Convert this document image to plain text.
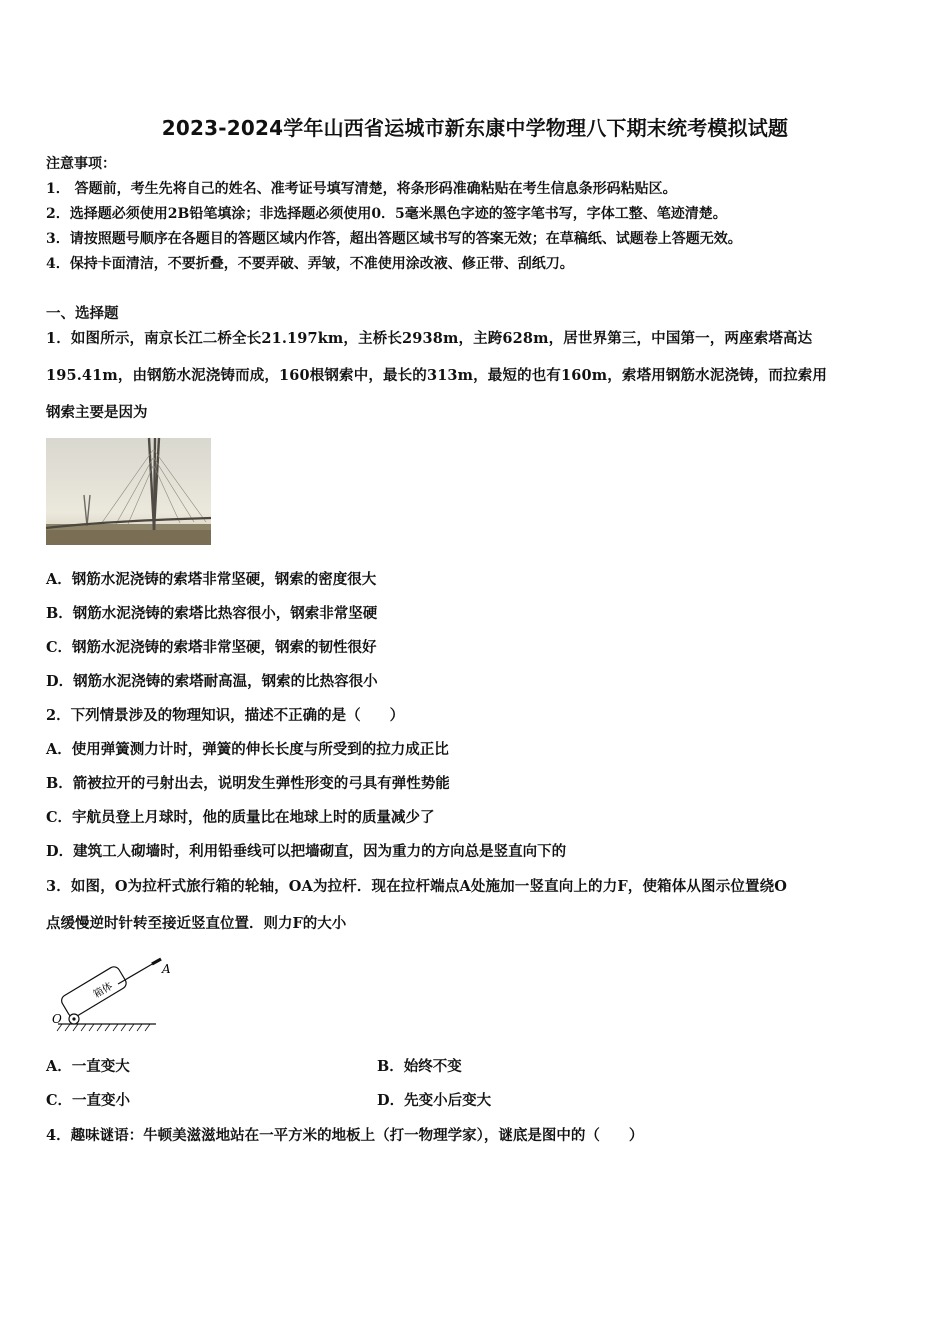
2023-2024学年山西省运城市新东康中学物理八下期末统考模拟试题
注意事项：
1． 答题前，考生先将自己的姓名、准考证号填写清楚，将条形码准确粘贴在考生信息条形码粘贴区。
2．选择题必须使用2B铅笔填涂；非选择题必须使用0．5毫米黑色字迹的签字笔书写，字体工整、笔迹清楚。
3．请按照题号顺序在各题目的答题区域内作答，超出答题区域书写的答案无效；在草稿纸、试题卷上答题无效。
4．保持卡面清洁，不要折叠，不要弄破、弄皱，不准使用涂改液、修正带、刮纸刀。
一、选择题
1．如图所示，南京长江二桥全长21.197km，主桥长2938m，主跨628m，居世界第三，中国第一，两座索塔高达
195.41m，由钢筋水泥浇铸而成，160根钢索中，最长的313m，最短的也有160m，索塔用钢筋水泥浇铸，而拉索用
钢索主要是因为
A．钢筋水泥浇铸的索塔非常坚硬，钢索的密度很大
B．钢筋水泥浇铸的索塔比热容很小，钢索非常坚硬
C．钢筋水泥浇铸的索塔非常坚硬，钢索的韧性很好
D．钢筋水泥浇铸的索塔耐高温，钢索的比热容很小
2．下列情景涉及的物理知识，描述不正确的是（　　）
A．使用弹簧测力计时，弹簧的伸长长度与所受到的拉力成正比
B．箭被拉开的弓射出去，说明发生弹性形变的弓具有弹性势能
C．宇航员登上月球时，他的质量比在地球上时的质量减少了
D．建筑工人砌墙时，利用铅垂线可以把墙砌直，因为重力的方向总是竖直向下的
3．如图，O为拉杆式旅行箱的轮轴，OA为拉杆．现在拉杆端点A处施加一竖直向上的力F，使箱体从图示位置绕O
点缓慢逆时针转至接近竖直位置．则力F的大小
箱体
A
O
A．一直变大	B．始终不变
C．一直变小	D．先变小后变大
4．趣味谜语：牛顿美滋滋地站在一平方米的地板上（打一物理学家），谜底是图中的（　　）
